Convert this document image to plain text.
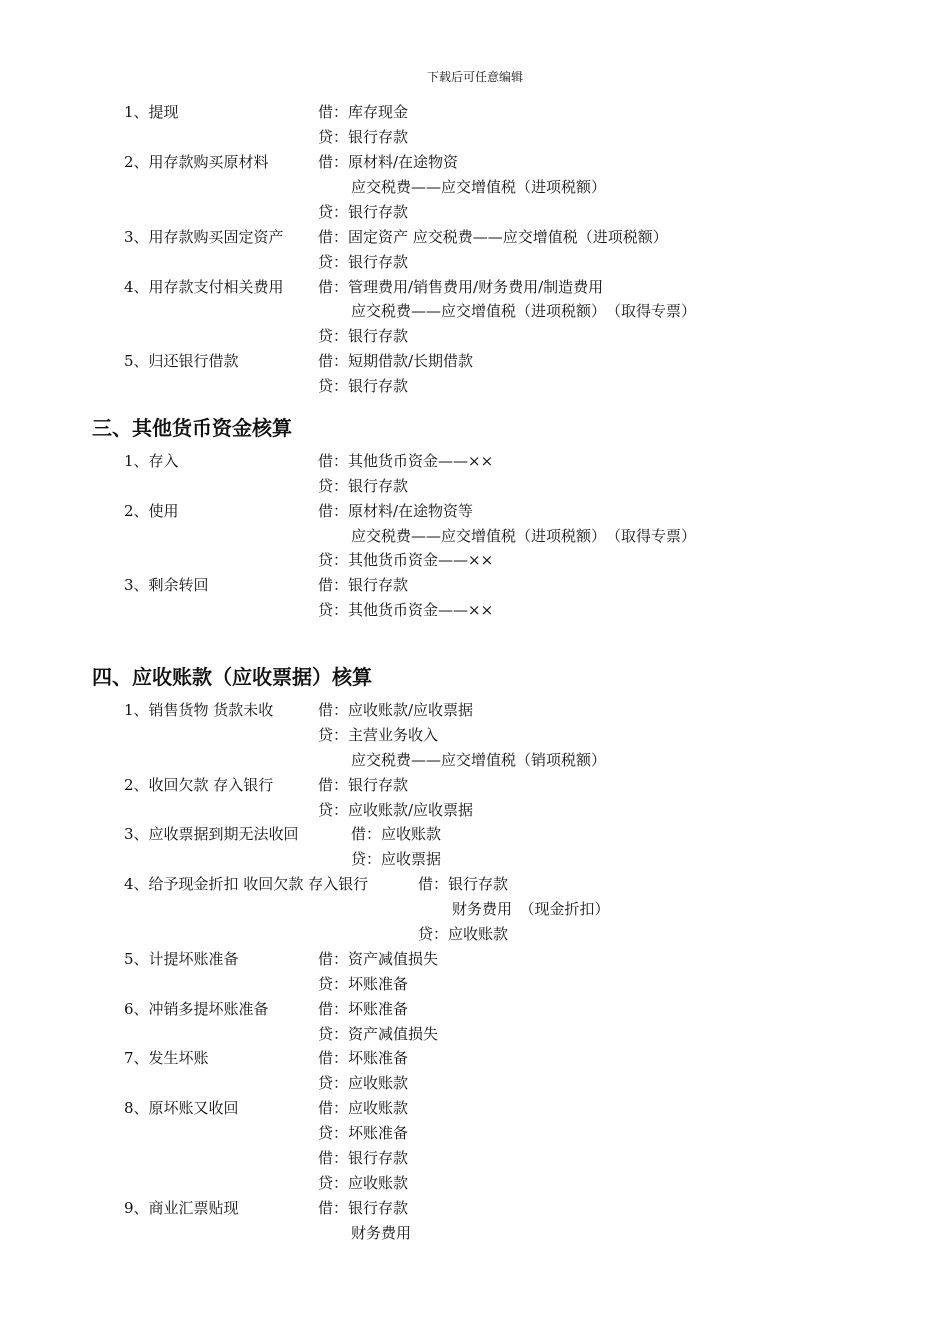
下载后可任意编辑
1、提现	借：库存现金
贷：银行存款
2、用存款购买原材料	借：原材料/在途物资
应交税费——应交增值税（进项税额）
贷：银行存款
3、用存款购买固定资产 借：固定资产 应交税费——应交增值税（进项税额）
贷：银行存款
4、用存款支付相关费用 借：管理费用/销售费用/财务费用/制造费用
应交税费——应交增值税（进项税额）　（取得专票）
贷：银行存款
5、归还银行借款	借：短期借款/长期借款
贷：银行存款
三、其他货币资金核算
1、存入	借：其他货币资金——××
贷：银行存款
2、使用	借：原材料/在途物资等
应交税费——应交增值税（进项税额）　（取得专票）
贷：其他货币资金——××
3、剩余转回	借：银行存款
贷：其他货币资金——××
四、应收账款（应收票据）核算
1、销售货物 货款未收	借：应收账款/应收票据
贷：主营业务收入
应交税费——应交增值税（销项税额）
2、收回欠款 存入银行	借：银行存款
贷：应收账款/应收票据
3、应收票据到期无法收回	借：应收账款
贷：应收票据
4、给予现金折扣 收回欠款 存入银行	借：银行存款
财务费用　（现金折扣）
贷：应收账款
5、计提坏账准备	借：资产减值损失
贷：坏账准备
6、冲销多提坏账准备	借：坏账准备
贷：资产减值损失
7、发生坏账	借：坏账准备
贷：应收账款
8、原坏账又收回	借：应收账款
贷：坏账准备
借：银行存款
贷：应收账款
9、商业汇票贴现	借：银行存款
财务费用
